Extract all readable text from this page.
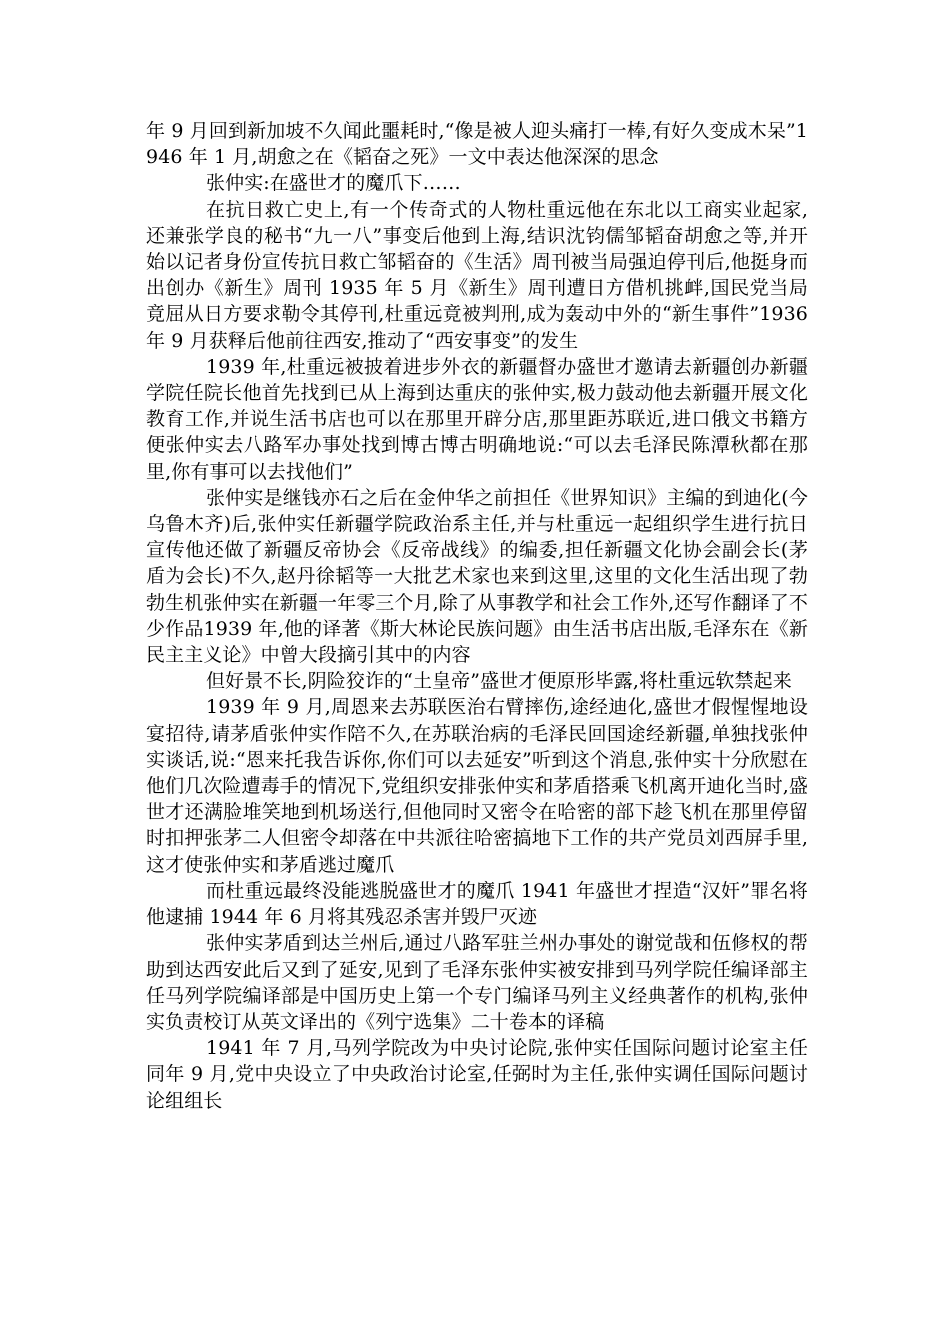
年 9 月回到新加坡不久闻此噩耗时,“像是被人迎头痛打一棒,有好久变成木呆”1946 年 1 月,胡愈之在《韬奋之死》一文中表达他深深的思念

张仲实:在盛世才的魔爪下……

在抗日救亡史上,有一个传奇式的人物杜重远他在东北以工商实业起家,还兼张学良的秘书“九一八”事变后他到上海,结识沈钧儒邹韬奋胡愈之等,并开始以记者身份宣传抗日救亡邹韬奋的《生活》周刊被当局强迫停刊后,他挺身而出创办《新生》周刊 1935 年 5 月《新生》周刊遭日方借机挑衅,国民党当局竟屈从日方要求勒令其停刊,杜重远竟被判刑,成为轰动中外的“新生事件”1936 年 9 月获释后他前往西安,推动了“西安事变”的发生

1939 年,杜重远被披着进步外衣的新疆督办盛世才邀请去新疆创办新疆学院任院长他首先找到已从上海到达重庆的张仲实,极力鼓动他去新疆开展文化教育工作,并说生活书店也可以在那里开辟分店,那里距苏联近,进口俄文书籍方便张仲实去八路军办事处找到博古博古明确地说:“可以去毛泽民陈潭秋都在那里,你有事可以去找他们”

张仲实是继钱亦石之后在金仲华之前担任《世界知识》主编的到迪化(今乌鲁木齐)后,张仲实任新疆学院政治系主任,并与杜重远一起组织学生进行抗日宣传他还做了新疆反帝协会《反帝战线》的编委,担任新疆文化协会副会长(茅盾为会长)不久,赵丹徐韬等一大批艺术家也来到这里,这里的文化生活出现了勃勃生机张仲实在新疆一年零三个月,除了从事教学和社会工作外,还写作翻译了不少作品1939 年,他的译著《斯大林论民族问题》由生活书店出版,毛泽东在《新民主主义论》中曾大段摘引其中的内容

但好景不长,阴险狡诈的“土皇帝”盛世才便原形毕露,将杜重远软禁起来

1939 年 9 月,周恩来去苏联医治右臂摔伤,途经迪化,盛世才假惺惺地设宴招待,请茅盾张仲实作陪不久,在苏联治病的毛泽民回国途经新疆,单独找张仲实谈话,说:“恩来托我告诉你,你们可以去延安”听到这个消息,张仲实十分欣慰在他们几次险遭毒手的情况下,党组织安排张仲实和茅盾搭乘飞机离开迪化当时,盛世才还满脸堆笑地到机场送行,但他同时又密令在哈密的部下趁飞机在那里停留时扣押张茅二人但密令却落在中共派往哈密搞地下工作的共产党员刘西屏手里,这才使张仲实和茅盾逃过魔爪

而杜重远最终没能逃脱盛世才的魔爪 1941 年盛世才捏造“汉奸”罪名将他逮捕 1944 年 6 月将其残忍杀害并毁尸灭迹

张仲实茅盾到达兰州后,通过八路军驻兰州办事处的谢觉哉和伍修权的帮助到达西安此后又到了延安,见到了毛泽东张仲实被安排到马列学院任编译部主任马列学院编译部是中国历史上第一个专门编译马列主义经典著作的机构,张仲实负责校订从英文译出的《列宁选集》二十卷本的译稿

1941 年 7 月,马列学院改为中央讨论院,张仲实任国际问题讨论室主任同年 9 月,党中央设立了中央政治讨论室,任弼时为主任,张仲实调任国际问题讨论组组长
